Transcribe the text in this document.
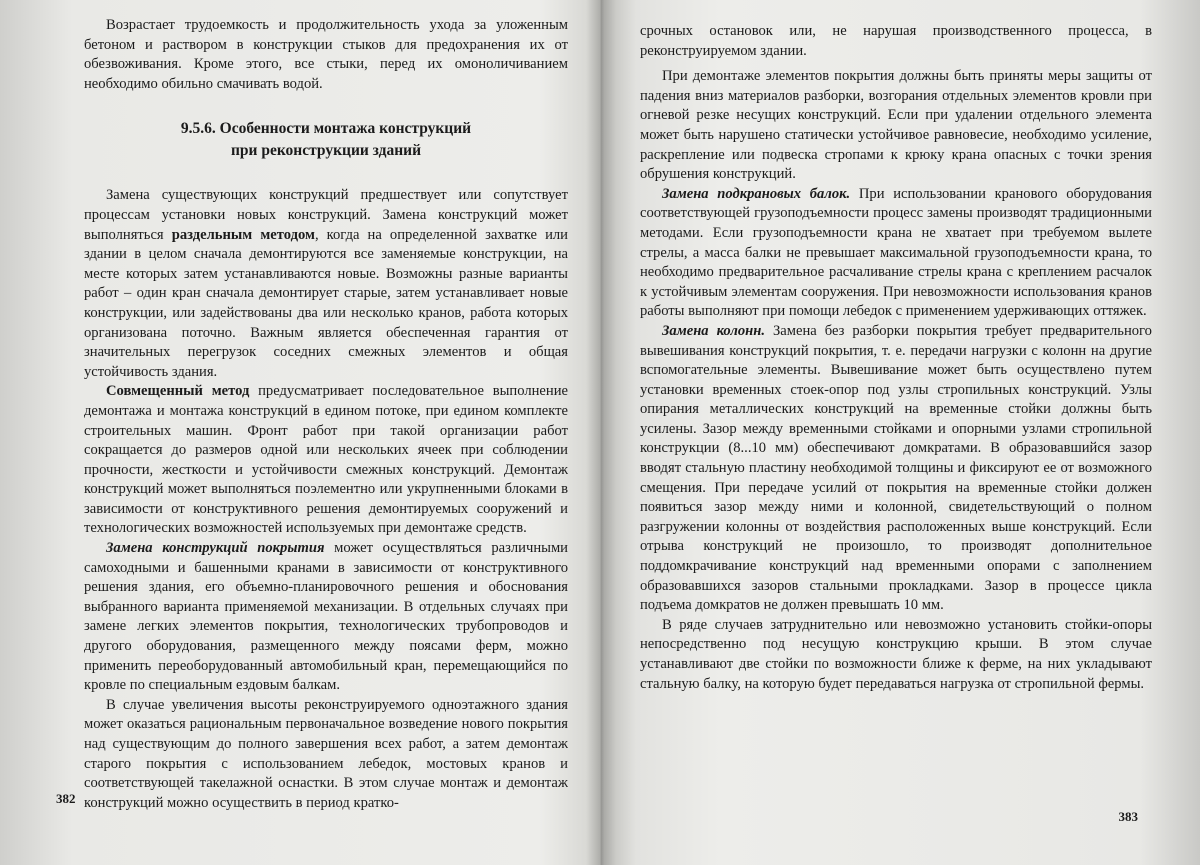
Возрастает трудоемкость и продолжительность ухода за уложенным бетоном и раствором в конструкции стыков для предохранения их от обезвоживания. Кроме этого, все стыки, перед их омоноличиванием необходимо обильно смачивать водой.

9.5.6. Особенности монтажа конструкций
при реконструкции зданий

Замена существующих конструкций предшествует или сопутствует процессам установки новых конструкций. Замена конструкций может выполняться раздельным методом, когда на определенной захватке или здании в целом сначала демонтируются все заменяемые конструкции, на месте которых затем устанавливаются новые. Возможны разные варианты работ – один кран сначала демонтирует старые, затем устанавливает новые конструкции, или задействованы два или несколько кранов, работа которых организована поточно. Важным является обеспеченная гарантия от значительных перегрузок соседних смежных элементов и общая устойчивость здания.

Совмещенный метод предусматривает последовательное выполнение демонтажа и монтажа конструкций в едином потоке, при едином комплекте строительных машин. Фронт работ при такой организации работ сокращается до размеров одной или нескольких ячеек при соблюдении прочности, жесткости и устойчивости смежных конструкций. Демонтаж конструкций может выполняться поэлементно или укрупненными блоками в зависимости от конструктивного решения демонтируемых сооружений и технологических возможностей используемых при демонтаже средств.

Замена конструкций покрытия может осуществляться различными самоходными и башенными кранами в зависимости от конструктивного решения здания, его объемно-планировочного решения и обоснования выбранного варианта применяемой механизации. В отдельных случаях при замене легких элементов покрытия, технологических трубопроводов и другого оборудования, размещенного между поясами ферм, можно применить переоборудованный автомобильный кран, перемещающийся по кровле по специальным ездовым балкам.

В случае увеличения высоты реконструируемого одноэтажного здания может оказаться рациональным первоначальное возведение нового покрытия над существующим до полного завершения всех работ, а затем демонтаж старого покрытия с использованием лебедок, мостовых кранов и соответствующей такелажной оснастки. В этом случае монтаж и демонтаж конструкций можно осуществить в период кратко-

382

срочных остановок или, не нарушая производственного процесса, в реконструируемом здании.

При демонтаже элементов покрытия должны быть приняты меры защиты от падения вниз материалов разборки, возгорания отдельных элементов кровли при огневой резке несущих конструкций. Если при удалении отдельного элемента может быть нарушено статически устойчивое равновесие, необходимо усиление, раскрепление или подвеска стропами к крюку крана опасных с точки зрения обрушения конструкций.

Замена подкрановых балок. При использовании кранового оборудования соответствующей грузоподъемности процесс замены производят традиционными методами. Если грузоподъемности крана не хватает при требуемом вылете стрелы, а масса балки не превышает максимальной грузоподъемности крана, то необходимо предварительное расчаливание стрелы крана с креплением расчалок к устойчивым элементам сооружения. При невозможности использования кранов работы выполняют при помощи лебедок с применением удерживающих оттяжек.

Замена колонн. Замена без разборки покрытия требует предварительного вывешивания конструкций покрытия, т. е. передачи нагрузки с колонн на другие вспомогательные элементы. Вывешивание может быть осуществлено путем установки временных стоек-опор под узлы стропильных конструкций. Узлы опирания металлических конструкций на временные стойки должны быть усилены. Зазор между временными стойками и опорными узлами стропильной конструкции (8...10 мм) обеспечивают домкратами. В образовавшийся зазор вводят стальную пластину необходимой толщины и фиксируют ее от возможного смещения. При передаче усилий от покрытия на временные стойки должен появиться зазор между ними и колонной, свидетельствующий о полном разгружении колонны от воздействия расположенных выше конструкций. Если отрыва конструкций не произошло, то производят дополнительное поддомкрачивание конструкций над временными опорами с заполнением образовавшихся зазоров стальными прокладками. Зазор в процессе цикла подъема домкратов не должен превышать 10 мм.

В ряде случаев затруднительно или невозможно установить стойки-опоры непосредственно под несущую конструкцию крыши. В этом случае устанавливают две стойки по возможности ближе к ферме, на них укладывают стальную балку, на которую будет передаваться нагрузка от стропильной фермы.

383
